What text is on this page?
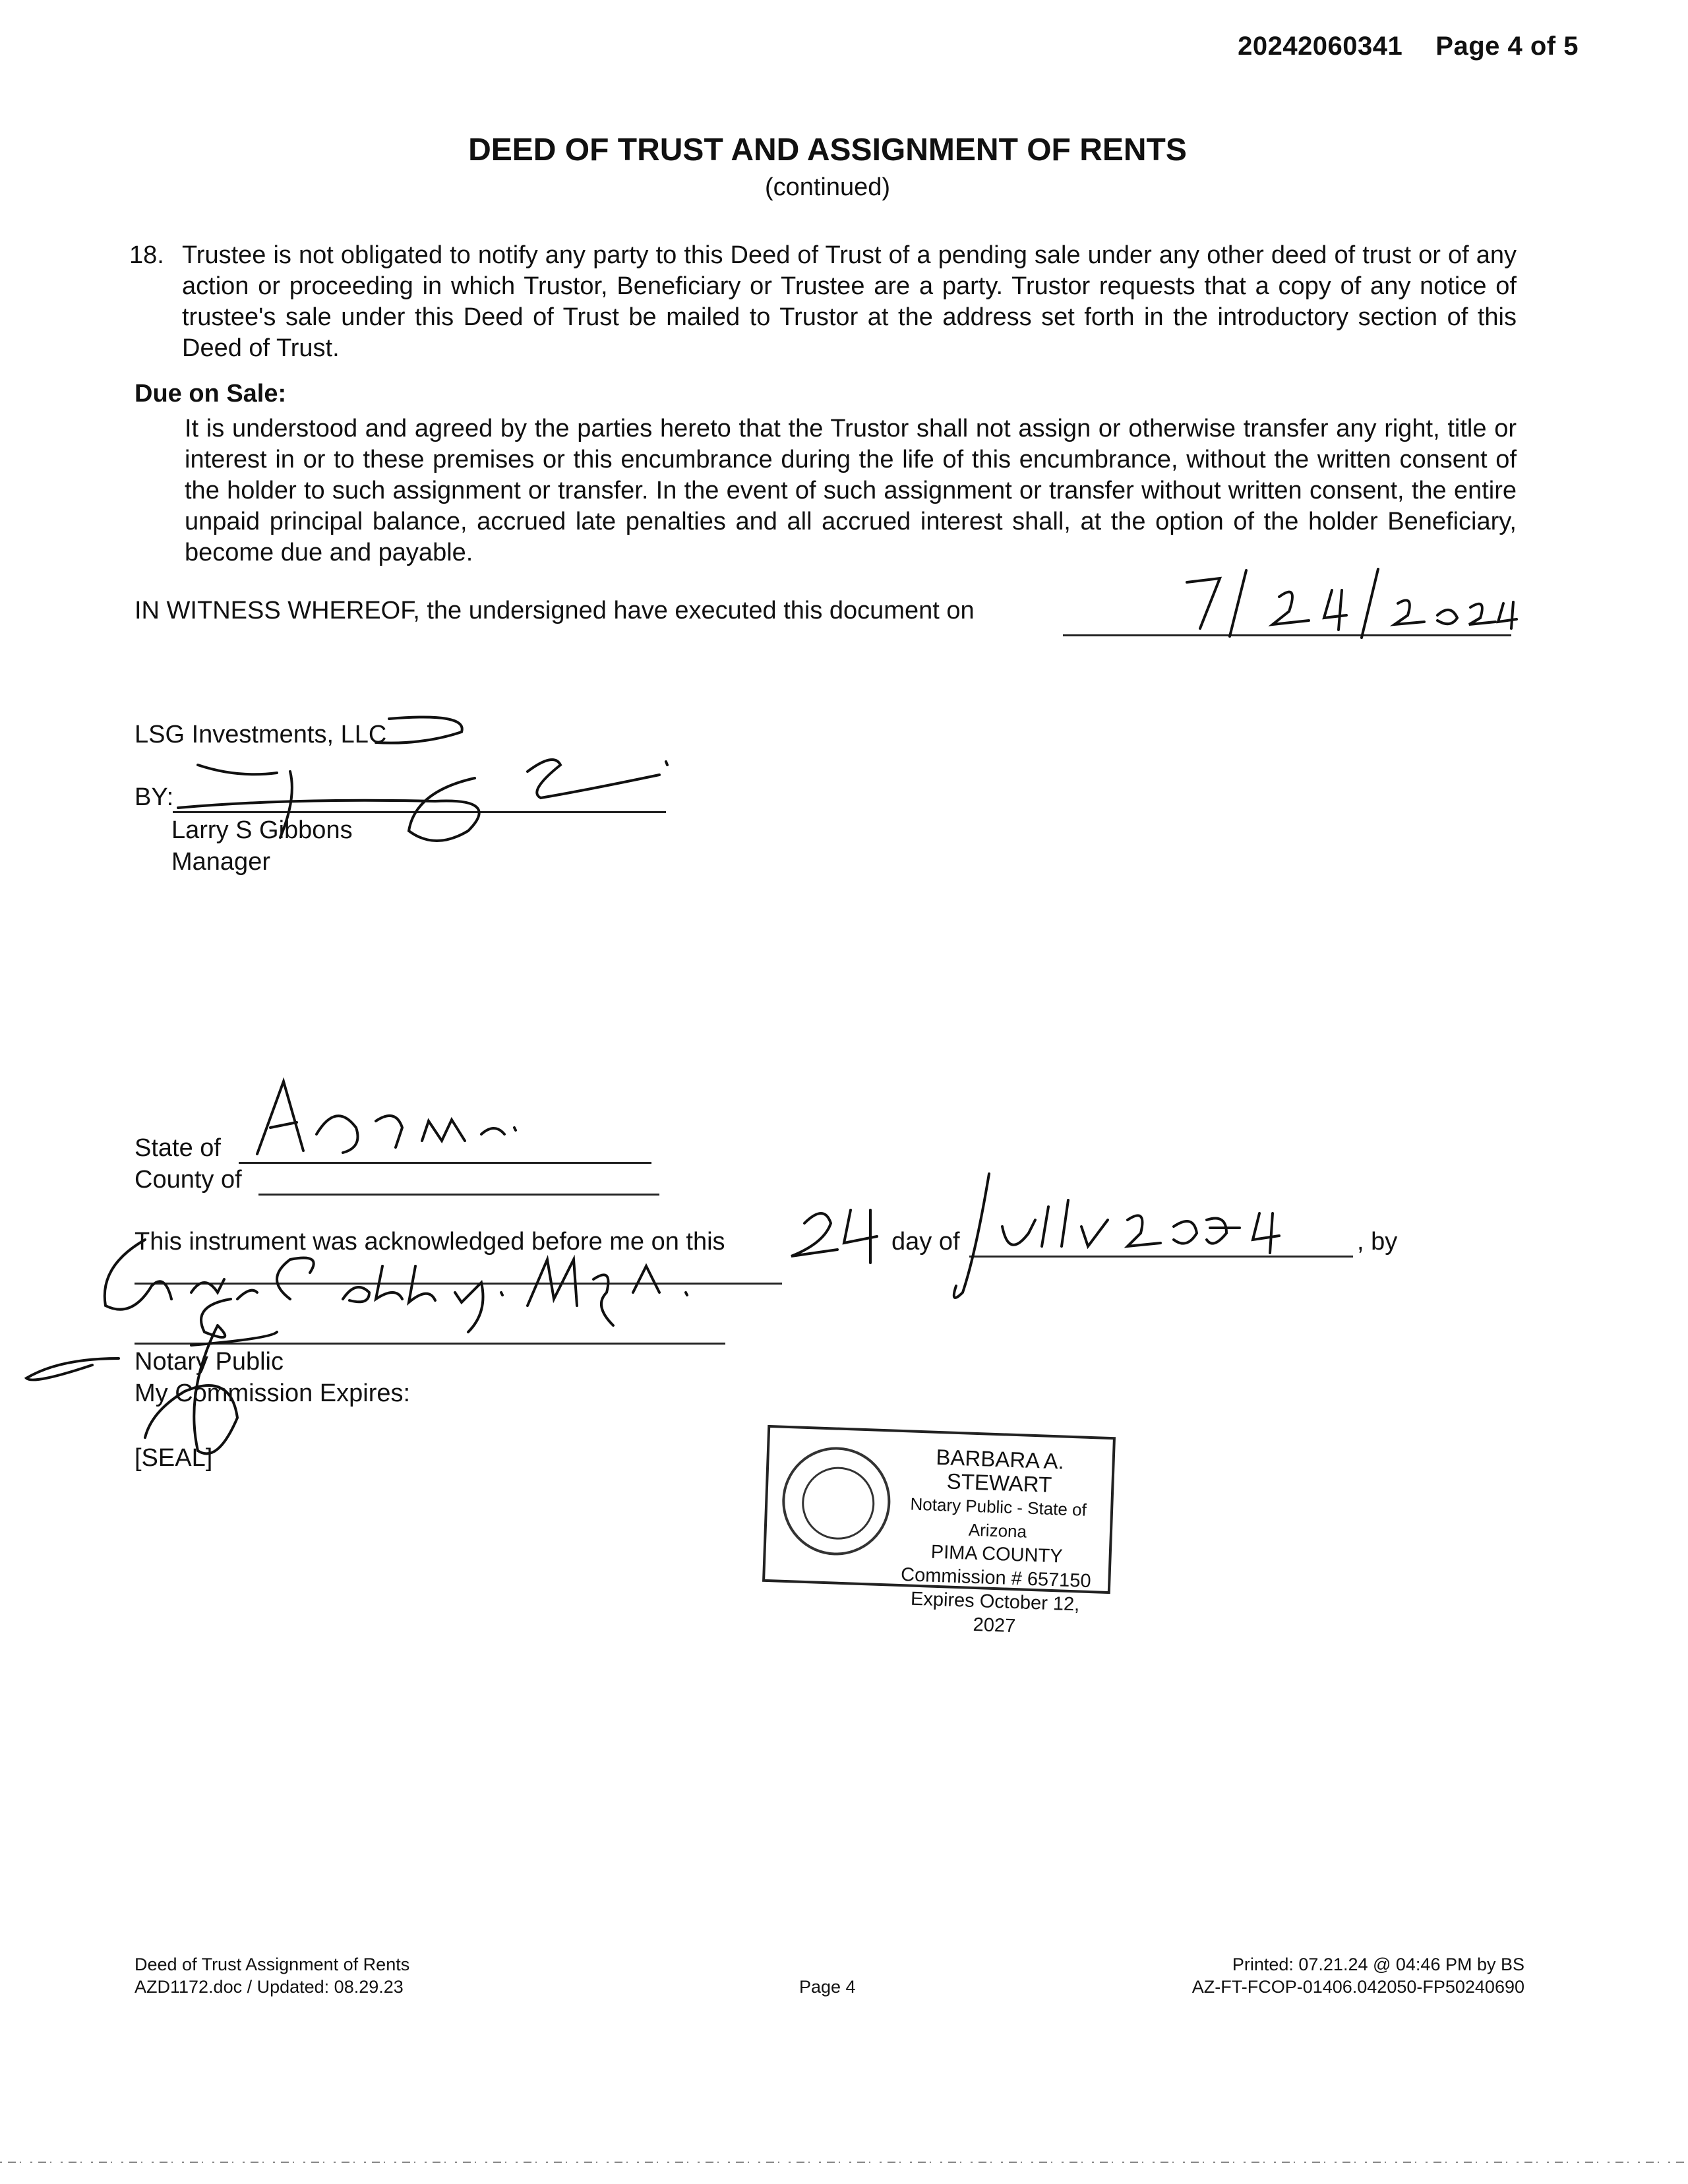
20242060341 Page 4 of 5
DEED OF TRUST AND ASSIGNMENT OF RENTS
(continued)
18. Trustee is not obligated to notify any party to this Deed of Trust of a pending sale under any other deed of trust or of any action or proceeding in which Trustor, Beneficiary or Trustee are a party. Trustor requests that a copy of any notice of trustee's sale under this Deed of Trust be mailed to Trustor at the address set forth in the introductory section of this Deed of Trust.
Due on Sale:
It is understood and agreed by the parties hereto that the Trustor shall not assign or otherwise transfer any right, title or interest in or to these premises or this encumbrance during the life of this encumbrance, without the written consent of the holder to such assignment or transfer. In the event of such assignment or transfer without written consent, the entire unpaid principal balance, accrued late penalties and all accrued interest shall, at the option of the holder Beneficiary, become due and payable.
IN WITNESS WHEREOF, the undersigned have executed this document on
LSG Investments, LLC
BY:
Larry S Gibbons
Manager
State of
County of
This instrument was acknowledged before me on this	day of	, by
Notary Public
My Commission Expires:
[SEAL]	BARBARA A. STEWART
Notary Public - State of Arizona
PIMA COUNTY
Commission # 657150
Expires October 12, 2027
Deed of Trust Assignment of Rents
AZD1172.doc / Updated: 08.29.23	Page 4
Printed: 07.21.24 @ 04:46 PM by BS
AZ-FT-FCOP-01406.042050-FP50240690
